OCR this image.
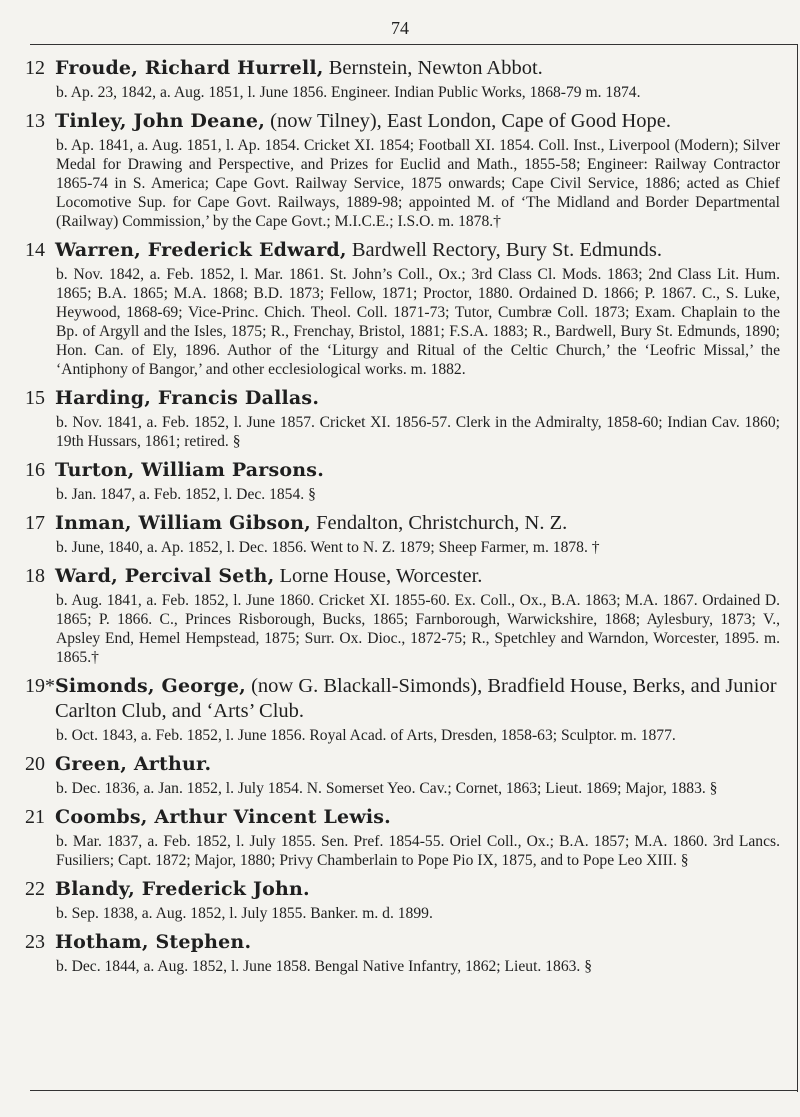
74
12 Froude, Richard Hurrell, Bernstein, Newton Abbot.

b. Ap. 23, 1842, a. Aug. 1851, l. June 1856. Engineer. Indian Public Works, 1868-79 m. 1874.

13 Tinley, John Deane, (now Tilney), East London, Cape of Good Hope.

b. Ap. 1841, a. Aug. 1851, l. Ap. 1854. Cricket XI. 1854; Football XI. 1854. Coll. Inst., Liverpool (Modern); Silver Medal for Drawing and Perspective, and Prizes for Euclid and Math., 1855-58; Engineer: Railway Contractor 1865-74 in S. America; Cape Govt. Railway Service, 1875 onwards; Cape Civil Service, 1886; acted as Chief Locomotive Sup. for Cape Govt. Railways, 1889-98; appointed M. of ‘The Midland and Border Departmental (Railway) Commission,’ by the Cape Govt.; M.I.C.E.; I.S.O. m. 1878.†

14 Warren, Frederick Edward, Bardwell Rectory, Bury St. Edmunds.

b. Nov. 1842, a. Feb. 1852, l. Mar. 1861. St. John’s Coll., Ox.; 3rd Class Cl. Mods. 1863; 2nd Class Lit. Hum. 1865; B.A. 1865; M.A. 1868; B.D. 1873; Fellow, 1871; Proctor, 1880. Ordained D. 1866; P. 1867. C., S. Luke, Heywood, 1868-69; Vice-Princ. Chich. Theol. Coll. 1871-73; Tutor, Cumbræ Coll. 1873; Exam. Chaplain to the Bp. of Argyll and the Isles, 1875; R., Frenchay, Bristol, 1881; F.S.A. 1883; R., Bardwell, Bury St. Edmunds, 1890; Hon. Can. of Ely, 1896. Author of the ‘Liturgy and Ritual of the Celtic Church,’ the ‘Leofric Missal,’ the ‘Antiphony of Bangor,’ and other ecclesiological works. m. 1882.

15 Harding, Francis Dallas.

b. Nov. 1841, a. Feb. 1852, l. June 1857. Cricket XI. 1856-57. Clerk in the Admiralty, 1858-60; Indian Cav. 1860; 19th Hussars, 1861; retired. §

16 Turton, William Parsons.

b. Jan. 1847, a. Feb. 1852, l. Dec. 1854. §

17 Inman, William Gibson, Fendalton, Christchurch, N. Z.

b. June, 1840, a. Ap. 1852, l. Dec. 1856. Went to N. Z. 1879; Sheep Farmer, m. 1878. †

18 Ward, Percival Seth, Lorne House, Worcester.

b. Aug. 1841, a. Feb. 1852, l. June 1860. Cricket XI. 1855-60. Ex. Coll., Ox., B.A. 1863; M.A. 1867. Ordained D. 1865; P. 1866. C., Princes Risborough, Bucks, 1865; Farnborough, Warwickshire, 1868; Aylesbury, 1873; V., Apsley End, Hemel Hempstead, 1875; Surr. Ox. Dioc., 1872-75; R., Spetchley and Warndon, Worcester, 1895. m. 1865.†

19* Simonds, George, (now G. Blackall-Simonds), Bradfield House, Berks, and Junior Carlton Club, and ‘Arts’ Club.

b. Oct. 1843, a. Feb. 1852, l. June 1856. Royal Acad. of Arts, Dresden, 1858-63; Sculptor. m. 1877.

20 Green, Arthur.

b. Dec. 1836, a. Jan. 1852, l. July 1854. N. Somerset Yeo. Cav.; Cornet, 1863; Lieut. 1869; Major, 1883. §

21 Coombs, Arthur Vincent Lewis.

b. Mar. 1837, a. Feb. 1852, l. July 1855. Sen. Pref. 1854-55. Oriel Coll., Ox.; B.A. 1857; M.A. 1860. 3rd Lancs. Fusiliers; Capt. 1872; Major, 1880; Privy Chamberlain to Pope Pio IX, 1875, and to Pope Leo XIII. §

22 Blandy, Frederick John.

b. Sep. 1838, a. Aug. 1852, l. July 1855. Banker. m. d. 1899.

23 Hotham, Stephen.

b. Dec. 1844, a. Aug. 1852, l. June 1858. Bengal Native Infantry, 1862; Lieut. 1863. §
